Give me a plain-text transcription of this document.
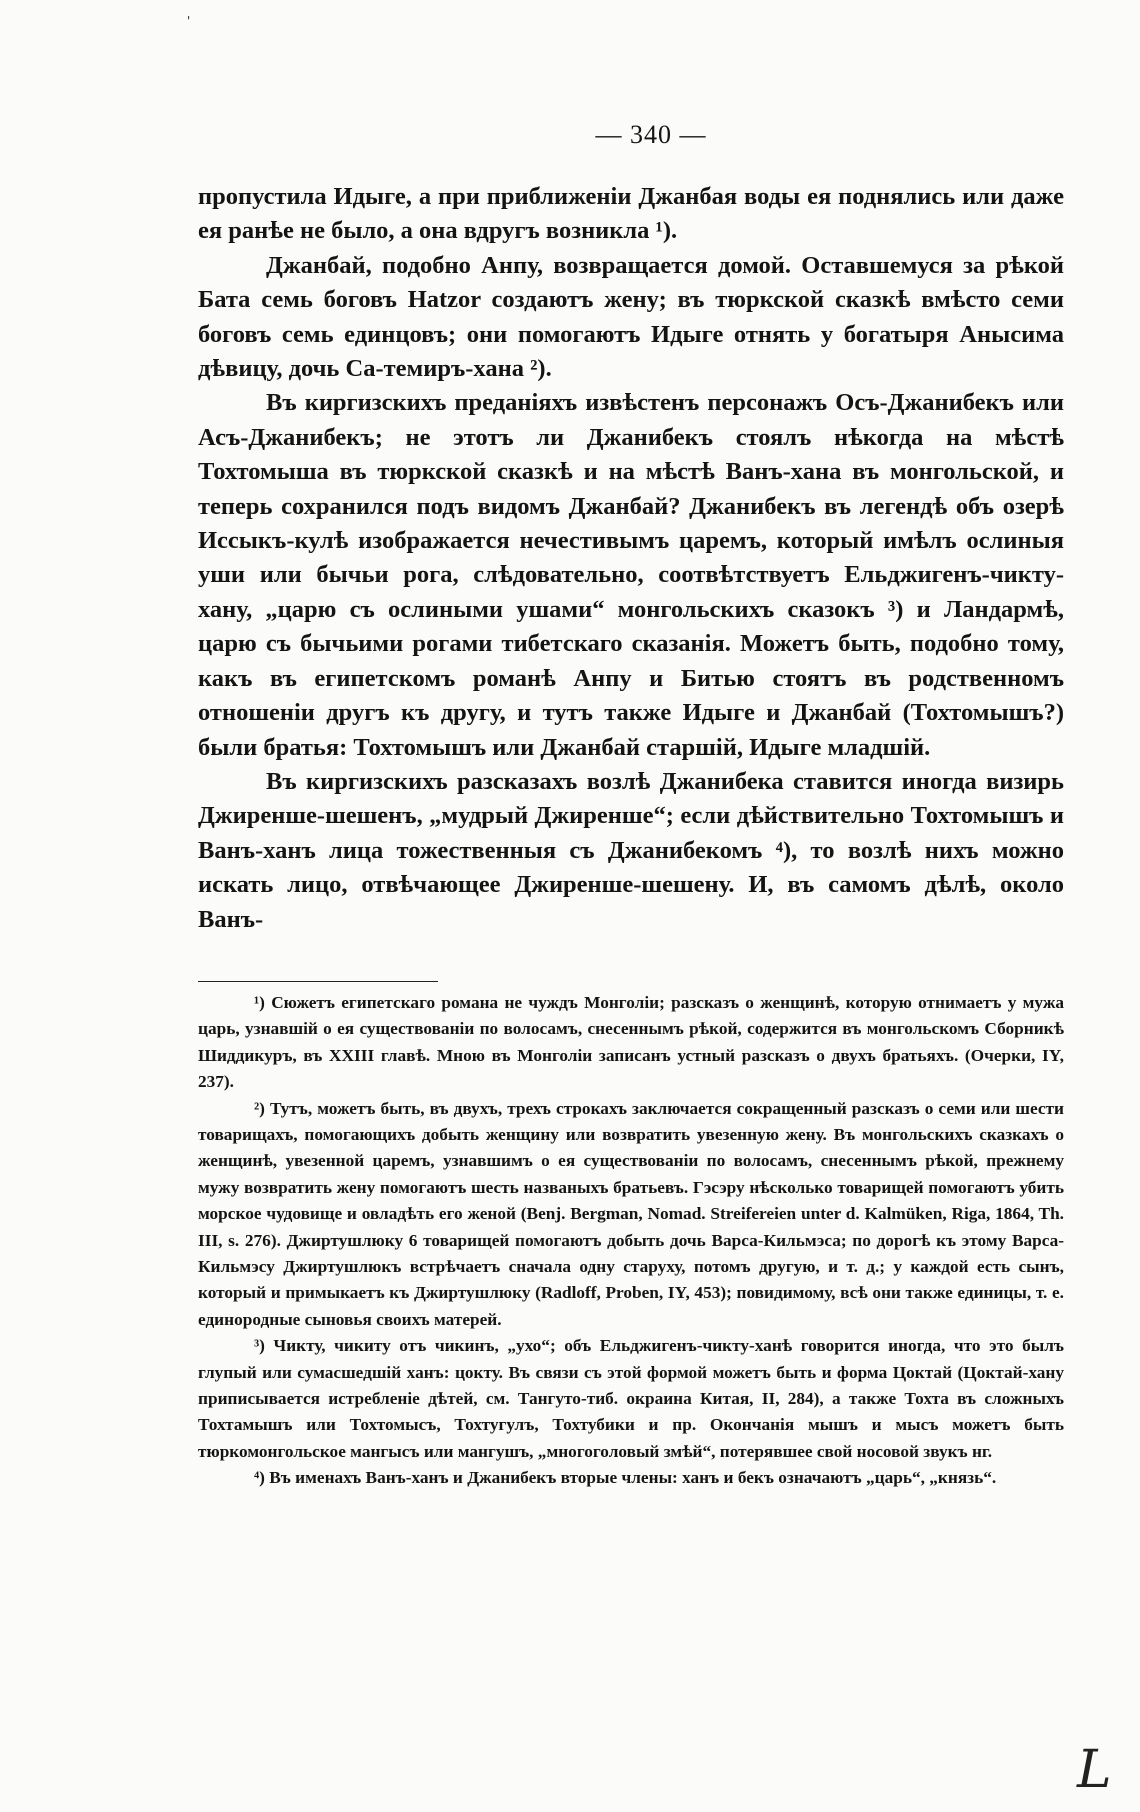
'
— 340 —

пропустила Идыге, а при приближеніи Джанбая воды ея поднялись или даже ея ранѣе не было, а она вдругъ возникла ¹).

Джанбай, подобно Анпу, возвращается домой. Оставшемуся за рѣкой Бата семь боговъ Hatzor создаютъ жену; въ тюркской сказкѣ вмѣсто семи боговъ семь единцовъ; они помогаютъ Идыге отнять у богатыря Анысима дѣвицу, дочь Са-темиръ-хана ²).

Въ киргизскихъ преданіяхъ извѣстенъ персонажъ Осъ-Джанибекъ или Асъ-Джанибекъ; не этотъ ли Джанибекъ стоялъ нѣкогда на мѣстѣ Тохтомыша въ тюркской сказкѣ и на мѣстѣ Ванъ-хана въ монгольской, и теперь сохранился подъ видомъ Джанбай? Джанибекъ въ легендѣ объ озерѣ Иссыкъ-кулѣ изображается нечестивымъ царемъ, который имѣлъ ослиныя уши или бычьи рога, слѣдовательно, соотвѣтствуетъ Ельджигенъ-чикту-хану, „царю съ ослиными ушами“ монгольскихъ сказокъ ³) и Ландармѣ, царю съ бычьими рогами тибетскаго сказанія. Можетъ быть, подобно тому, какъ въ египетскомъ романѣ Анпу и Битью стоятъ въ родственномъ отношеніи другъ къ другу, и тутъ также Идыге и Джанбай (Тохтомышъ?) были братья: Тохтомышъ или Джанбай старшій, Идыге младшій.

Въ киргизскихъ разсказахъ возлѣ Джанибека ставится иногда визирь Джиренше-шешенъ, „мудрый Джиренше“; если дѣйствительно Тохтомышъ и Ванъ-ханъ лица тожественныя съ Джанибекомъ ⁴), то возлѣ нихъ можно искать лицо, отвѣчающее Джиренше-шешену. И, въ самомъ дѣлѣ, около Ванъ-

¹) Сюжетъ египетскаго романа не чуждъ Монголіи; разсказъ о женщинѣ, которую отнимаетъ у мужа царь, узнавшій о ея существованіи по волосамъ, снесеннымъ рѣкой, содержится въ монгольскомъ Сборникѣ Шиддикуръ, въ XXIII главѣ. Мною въ Монголіи записанъ устный разсказъ о двухъ братьяхъ. (Очерки, IY, 237).

²) Тутъ, можетъ быть, въ двухъ, трехъ строкахъ заключается сокращенный разсказъ о семи или шести товарищахъ, помогающихъ добыть женщину или возвратить увезенную жену. Въ монгольскихъ сказкахъ о женщинѣ, увезенной царемъ, узнавшимъ о ея существованіи по волосамъ, снесеннымъ рѣкой, прежнему мужу возвратить жену помогаютъ шесть названыхъ братьевъ. Гэсэру нѣсколько товарищей помогаютъ убить морское чудовище и овладѣть его женой (Benj. Bergman, Nomad. Streifereien unter d. Kalmüken, Riga, 1864, Th. III, s. 276). Джиртушлюку 6 товарищей помогаютъ добыть дочь Варса-Кильмэса; по дорогѣ къ этому Варса-Кильмэсу Джиртушлюкъ встрѣчаетъ сначала одну старуху, потомъ другую, и т. д.; у каждой есть сынъ, который и примыкаетъ къ Джиртушлюку (Radloff, Proben, IY, 453); повидимому, всѣ они также единицы, т. е. единородные сыновья своихъ матерей.

³) Чикту, чикиту отъ чикинъ, „ухо“; объ Ельджигенъ-чикту-ханѣ говорится иногда, что это былъ глупый или сумасшедшій ханъ: цокту. Въ связи съ этой формой можетъ быть и форма Цоктай (Цоктай-хану приписывается истребленіе дѣтей, см. Тангуто-тиб. окраина Китая, II, 284), а также Тохта въ сложныхъ Тохтамышъ или Тохтомысъ, Тохтугулъ, Тохтубики и пр. Окончанія мышъ и мысъ можетъ быть тюркомонгольское мангысъ или мангушъ, „многоголовый змѣй“, потерявшее свой носовой звукъ нг.

⁴) Въ именахъ Ванъ-ханъ и Джанибекъ вторые члены: ханъ и бекъ означаютъ „царь“, „князь“.

L
